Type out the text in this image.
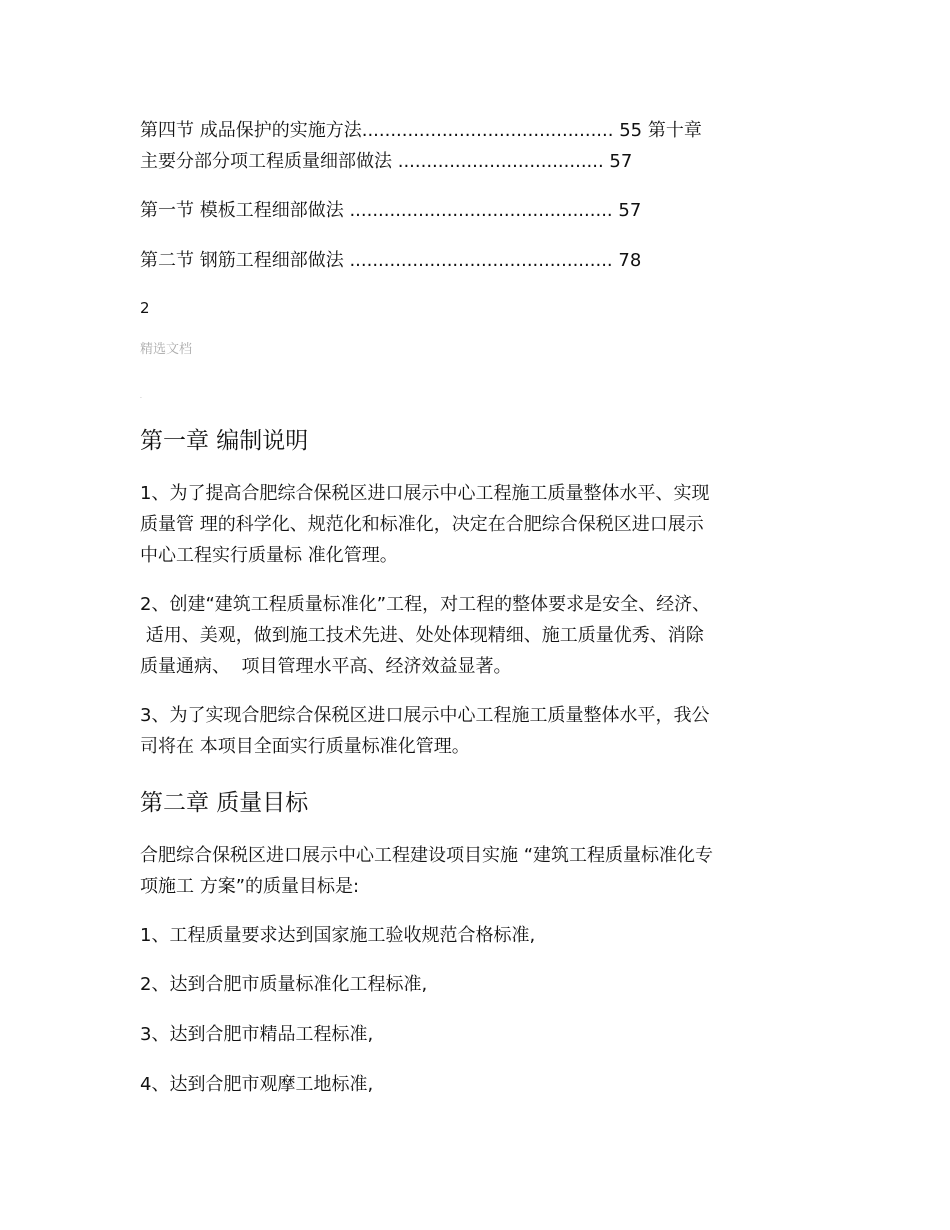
第四节 成品保护的实施方法............................................ 55 第十章
主要分部分项工程质量细部做法 .................................... 57
第一节 模板工程细部做法 .............................................. 57
第二节 钢筋工程细部做法 .............................................. 78
2
精选文档
.
第一章 编制说明
1、为了提高合肥综合保税区进口展示中心工程施工质量整体水平、实现
质量管 理的科学化、规范化和标准化，决定在合肥综合保税区进口展示
中心工程实行质量标 准化管理。
2、创建“建筑工程质量标准化”工程，对工程的整体要求是安全、经济、
适用、美观，做到施工技术先进、处处体现精细、施工质量优秀、消除
质量通病、  项目管理水平高、经济效益显著。
3、为了实现合肥综合保税区进口展示中心工程施工质量整体水平，我公
司将在 本项目全面实行质量标准化管理。
第二章 质量目标
合肥综合保税区进口展示中心工程建设项目实施 “建筑工程质量标准化专
项施工 方案”的质量目标是:
1、工程质量要求达到国家施工验收规范合格标准,
2、达到合肥市质量标准化工程标准,
3、达到合肥市精品工程标准,
4、达到合肥市观摩工地标准,
